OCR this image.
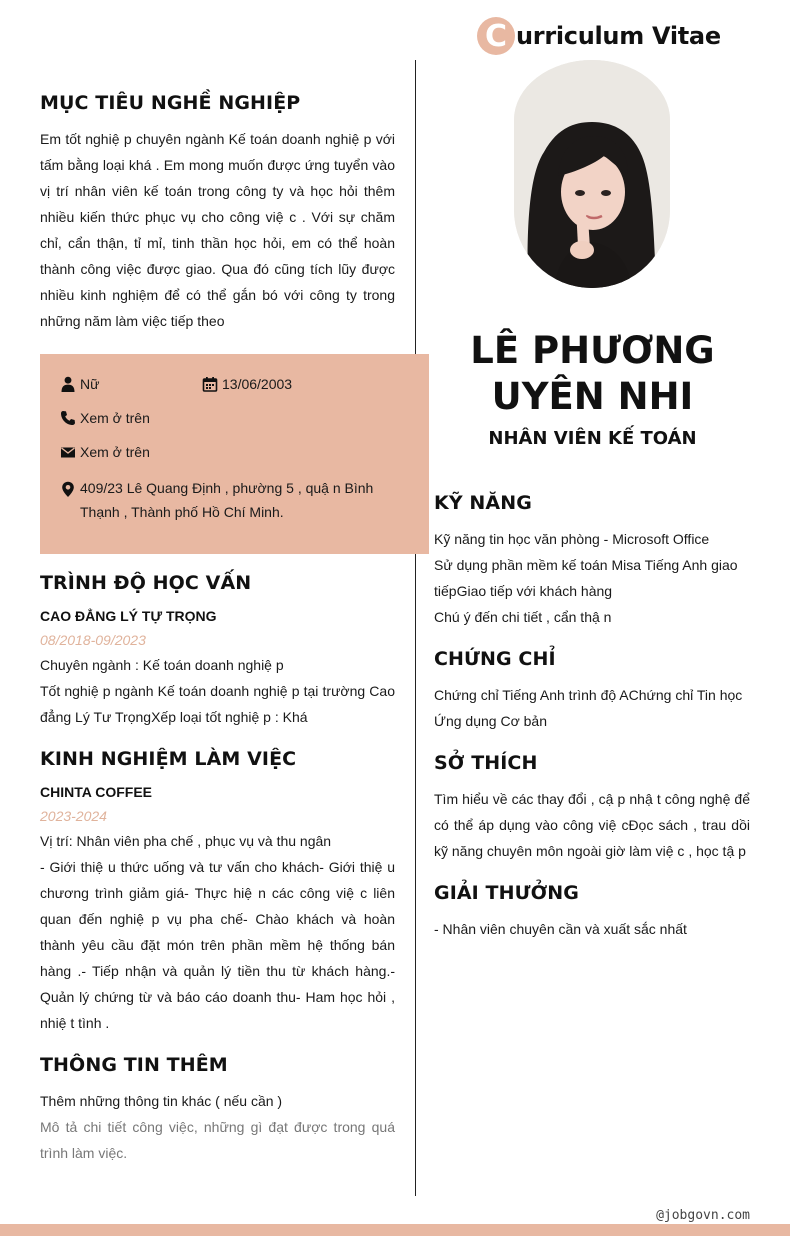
C urriculum Vitae
MỤC TIÊU NGHỀ NGHIỆP
Em tốt nghiệ p chuyên ngành Kế toán doanh nghiệ p với tấm bằng loại khá . Em mong muốn được ứng tuyển vào vị trí nhân viên kế toán trong công ty và học hỏi thêm nhiều kiến thức phục vụ cho công việ c . Với sự chăm chỉ, cẩn thận, tỉ mỉ, tinh thần học hỏi, em có thể hoàn thành công việc được giao. Qua đó cũng tích lũy được nhiều kinh nghiệm để có thể gắn bó với công ty trong những năm làm việc tiếp theo
Nữ	13/06/2003
Xem ở trên
Xem ở trên
409/23 Lê Quang Định , phường 5 , quậ n Bình Thạnh , Thành phố Hồ Chí Minh.
TRÌNH ĐỘ HỌC VẤN
CAO ĐẲNG LÝ TỰ TRỌNG
08/2018-09/2023
Chuyên ngành : Kế toán doanh nghiệ p
Tốt nghiệ p ngành Kế toán doanh nghiệ p tại trường Cao đẳng Lý Tư TrọngXếp loại tốt nghiệ p : Khá
KINH NGHIỆM LÀM VIỆC
CHINTA COFFEE
2023-2024
Vị trí: Nhân viên pha chế , phục vụ và thu ngân
- Giới thiệ u thức uống và tư vấn cho khách- Giới thiệ u chương trình giảm giá- Thực hiệ n các công việ c liên quan đến nghiệ p vụ pha chế- Chào khách và hoàn thành yêu cầu đặt món trên phần mềm hệ thống bán hàng .- Tiếp nhận và quản lý tiền thu từ khách hàng.- Quản lý chứng từ và báo cáo doanh thu- Ham học hỏi , nhiệ t tình .
THÔNG TIN THÊM
Thêm những thông tin khác ( nếu cần )
Mô tả chi tiết công việc, những gì đạt được trong quá trình làm việc.
LÊ PHƯƠNG
UYÊN NHI
NHÂN VIÊN KẾ TOÁN
KỸ NĂNG
Kỹ năng tin học văn phòng - Microsoft Office
Sử dụng phần mềm kế toán Misa Tiếng Anh giao tiếpGiao tiếp với khách hàng
Chú ý đến chi tiết , cẩn thậ n
CHỨNG CHỈ
Chứng chỉ Tiếng Anh trình độ AChứng chỉ Tin học Ứng dụng Cơ bản
SỞ THÍCH
Tìm hiểu về các thay đổi , cậ p nhậ t công nghệ để có thể áp dụng vào công việ cĐọc sách , trau dồi kỹ năng chuyên môn ngoài giờ làm việ c , học tậ p
GIẢI THƯỞNG
- Nhân viên chuyên cần và xuất sắc nhất
@jobgovn.com
